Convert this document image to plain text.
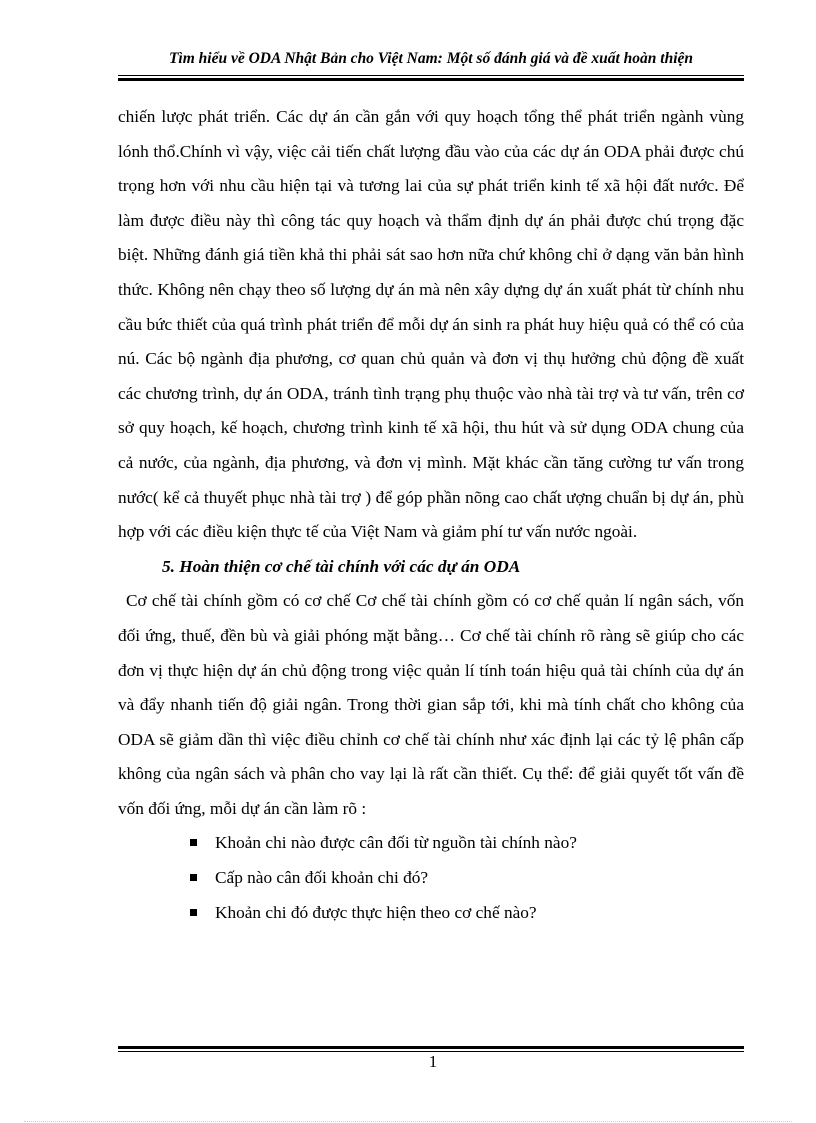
Tìm hiểu về ODA Nhật Bản cho Việt Nam: Một số đánh giá và đề xuất hoàn thiện

chiến lược phát triển. Các dự án cần gắn với quy hoạch tổng thể phát triển ngành vùng lónh thổ.Chính vì vậy, việc cải tiến chất lượng đầu vào của các dự án ODA phải được chú trọng hơn với nhu cầu hiện tại và tương lai của sự phát triển kinh tế xã hội đất nước. Để làm được điều này thì công tác quy hoạch và thẩm định dự án phải được chú trọng đặc biệt. Những đánh giá tiền khả thi phải sát sao hơn nữa chứ không chỉ ở dạng văn bản hình thức. Không nên chạy theo số lượng dự án mà nên xây dựng dự án xuất phát từ chính nhu cầu bức thiết của quá trình phát triển để mỗi dự án sinh ra phát huy hiệu quả có thể có của nú. Các bộ ngành địa phương, cơ quan chủ quản và đơn vị thụ hưởng chủ động đề xuất các chương trình, dự án ODA, tránh tình trạng phụ thuộc vào nhà tài trợ và tư vấn, trên cơ sở quy hoạch, kế hoạch, chương trình kinh tế xã hội, thu hút và sử dụng ODA chung của cả nước, của ngành, địa phương, và đơn vị mình. Mặt khác cần tăng cường tư vấn trong nước( kể cả thuyết phục nhà tài trợ ) để góp phần nõng cao chất ượng chuẩn bị dự án, phù hợp với các điều kiện thực tế của Việt Nam và giảm phí tư vấn nước ngoài.

5. Hoàn thiện cơ chế tài chính với các dự án ODA

Cơ chế tài chính gồm có cơ chế Cơ chế tài chính gồm có cơ chế quản lí ngân sách, vốn đối ứng, thuế, đền bù và giải phóng mặt bằng… Cơ chế tài chính rõ ràng sẽ giúp cho các đơn vị thực hiện dự án chủ động trong việc quản lí tính toán hiệu quả tài chính của dự án và đẩy nhanh tiến độ giải ngân. Trong thời gian sắp tới, khi mà tính chất cho không của ODA sẽ giảm dần thì việc điều chỉnh cơ chế tài chính như xác định lại các tỷ lệ phân cấp không của ngân sách và phân cho vay lại là rất cần thiết. Cụ thể: để giải quyết tốt vấn đề vốn đối ứng, mỗi dự án cần làm rõ :

Khoản chi nào được cân đối từ nguồn tài chính nào?
Cấp nào cân đối khoản chi đó?
Khoản chi đó được thực hiện theo cơ chế nào?
1
